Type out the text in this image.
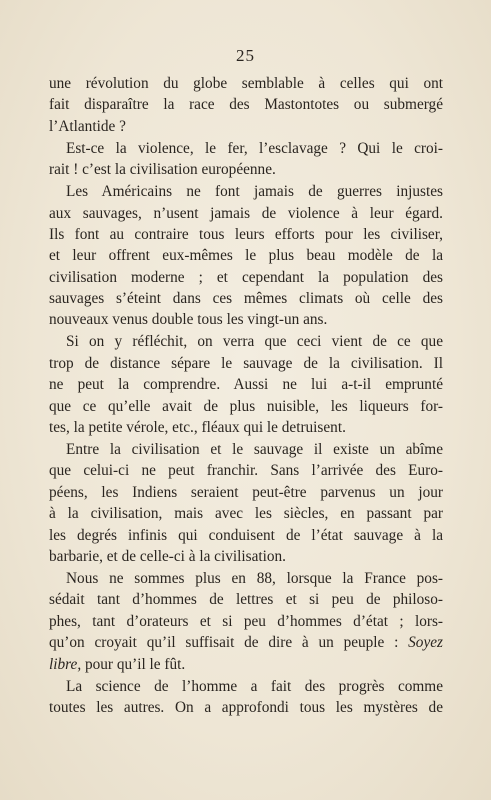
25
une révolution du globe semblable à celles qui ont
fait disparaître la race des Mastontotes ou submergé
l’Atlantide ?
Est-ce la violence, le fer, l’esclavage ? Qui le croi-
rait ! c’est la civilisation européenne.
Les Américains ne font jamais de guerres injustes
aux sauvages, n’usent jamais de violence à leur égard.
Ils font au contraire tous leurs efforts pour les civiliser,
et leur offrent eux-mêmes le plus beau modèle de la
civilisation moderne ; et cependant la population des
sauvages s’éteint dans ces mêmes climats où celle des
nouveaux venus double tous les vingt-un ans.
Si on y réfléchit, on verra que ceci vient de ce que
trop de distance sépare le sauvage de la civilisation. Il
ne peut la comprendre. Aussi ne lui a-t-il emprunté
que ce qu’elle avait de plus nuisible, les liqueurs for-
tes, la petite vérole, etc., fléaux qui le detruisent.
Entre la civilisation et le sauvage il existe un abîme
que celui-ci ne peut franchir. Sans l’arrivée des Euro-
péens, les Indiens seraient peut-être parvenus un jour
à la civilisation, mais avec les siècles, en passant par
les degrés infinis qui conduisent de l’état sauvage à la
barbarie, et de celle-ci à la civilisation.
Nous ne sommes plus en 88, lorsque la France pos-
sédait tant d’hommes de lettres et si peu de philoso-
phes, tant d’orateurs et si peu d’hommes d’état ; lors-
qu’on croyait qu’il suffisait de dire à un peuple : Soyez
libre, pour qu’il le fût.
La science de l’homme a fait des progrès comme
toutes les autres. On a approfondi tous les mystères de
